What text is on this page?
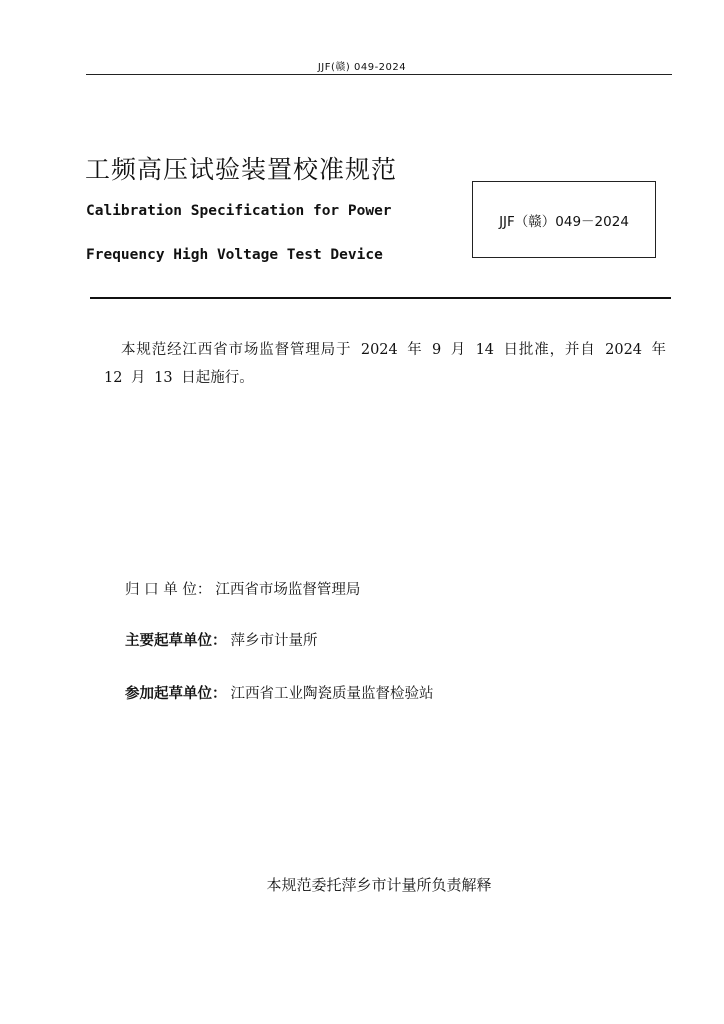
JJF(赣) 049-2024
工频高压试验装置校准规范
Calibration Specification for Power
Frequency High Voltage Test Device
JJF（赣）049－2024
本规范经江西省市场监督管理局于 2024 年 9 月 14 日批准，并自 2024 年 12 月 13 日起施行。
归 口 单 位： 江西省市场监督管理局
主要起草单位： 萍乡市计量所
参加起草单位： 江西省工业陶瓷质量监督检验站
本规范委托萍乡市计量所负责解释
